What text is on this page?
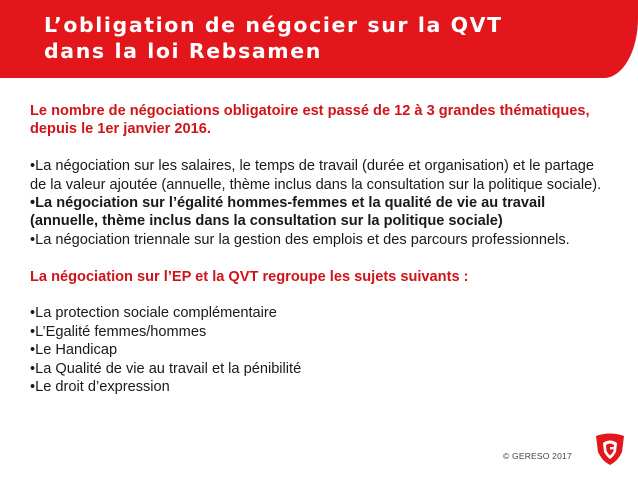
L’obligation de négocier sur la QVT
dans la loi Rebsamen
Le nombre de négociations obligatoire est passé de 12 à 3 grandes thématiques, depuis le 1er janvier 2016.
•La négociation sur les salaires, le temps de travail (durée et organisation) et le partage de la valeur ajoutée (annuelle, thème inclus dans la consultation sur la politique sociale).
•La négociation sur l’égalité hommes-femmes et la qualité de vie au travail (annuelle, thème inclus dans la consultation sur la politique sociale)
•La négociation triennale sur la gestion des emplois et des parcours professionnels.
La négociation sur l’EP et la QVT regroupe les sujets suivants :
•La protection sociale complémentaire
•L’Egalité femmes/hommes
•Le Handicap
•La Qualité de vie au travail et la pénibilité
•Le droit d’expression
© GERESO 2017
